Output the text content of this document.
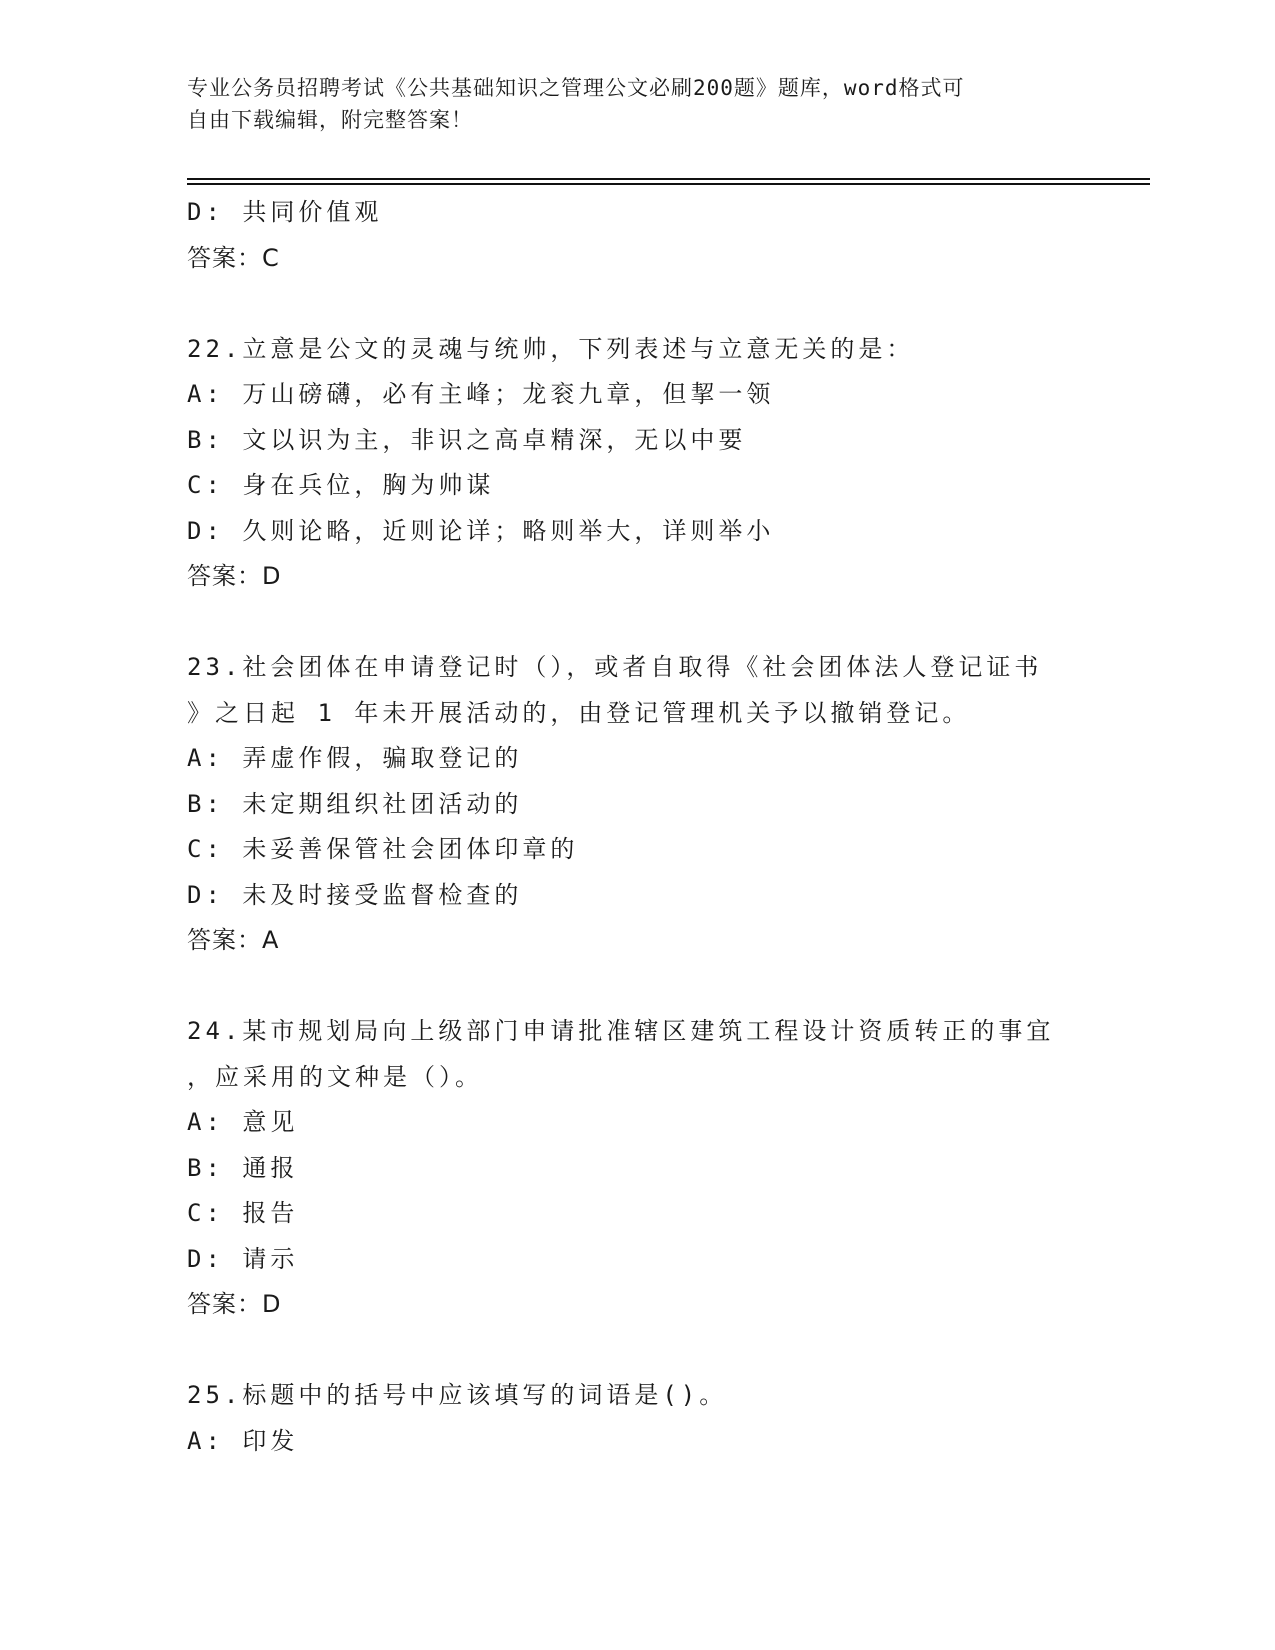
专业公务员招聘考试《公共基础知识之管理公文必刷200题》题库，word格式可
自由下载编辑，附完整答案！
D: 共同价值观
答案：C
22.立意是公文的灵魂与统帅，下列表述与立意无关的是：
A: 万山磅礴，必有主峰；龙衮九章，但挈一领
B: 文以识为主，非识之高卓精深，无以中要
C: 身在兵位，胸为帅谋
D: 久则论略，近则论详；略则举大，详则举小
答案：D
23.社会团体在申请登记时（），或者自取得《社会团体法人登记证书
》之日起 1 年未开展活动的，由登记管理机关予以撤销登记。
A: 弄虚作假，骗取登记的
B: 未定期组织社团活动的
C: 未妥善保管社会团体印章的
D: 未及时接受监督检查的
答案：A
24.某市规划局向上级部门申请批准辖区建筑工程设计资质转正的事宜
，应采用的文种是（）。
A: 意见
B: 通报
C: 报告
D: 请示
答案：D
25.标题中的括号中应该填写的词语是()。
A: 印发
